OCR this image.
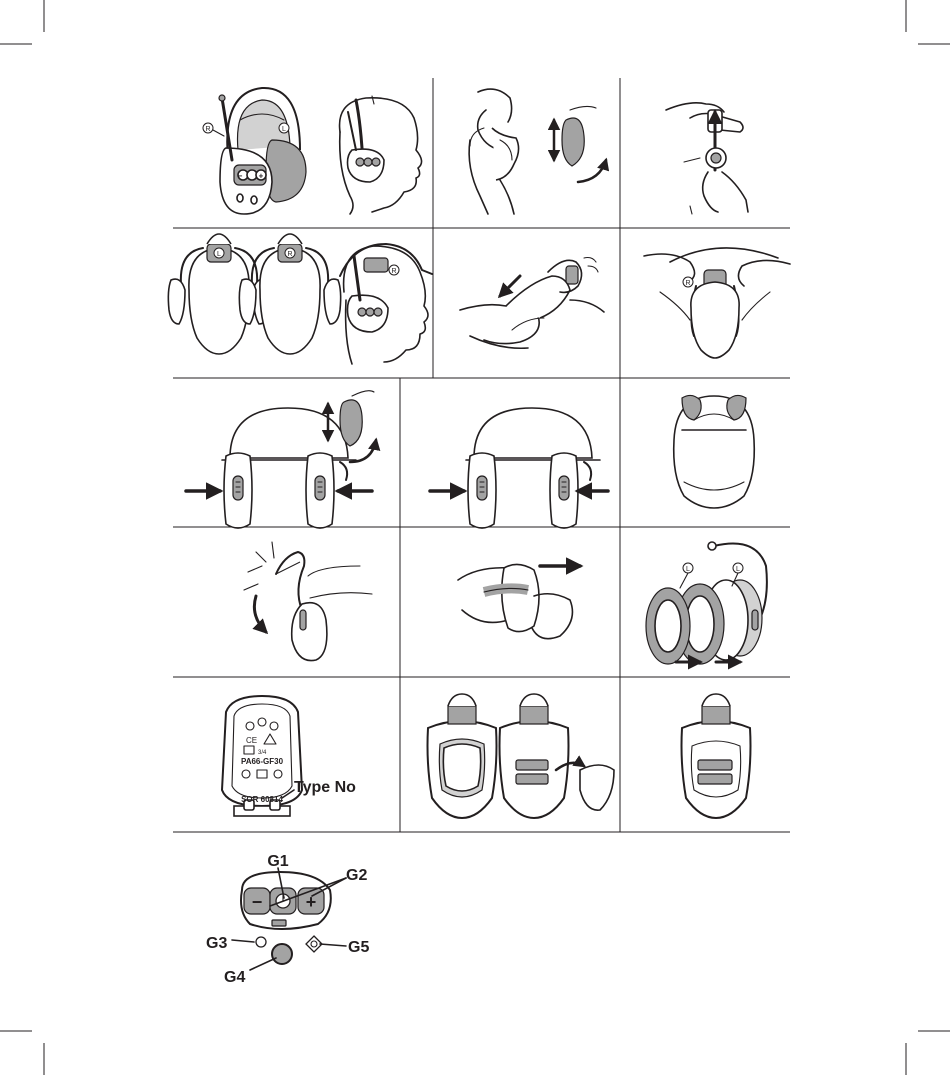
− +
R	L
L	R
R
R
L	L
CE
3/4
PA66-GF30
SOR 60814
Type No
− +
G1
G2
G3
G4
G5
